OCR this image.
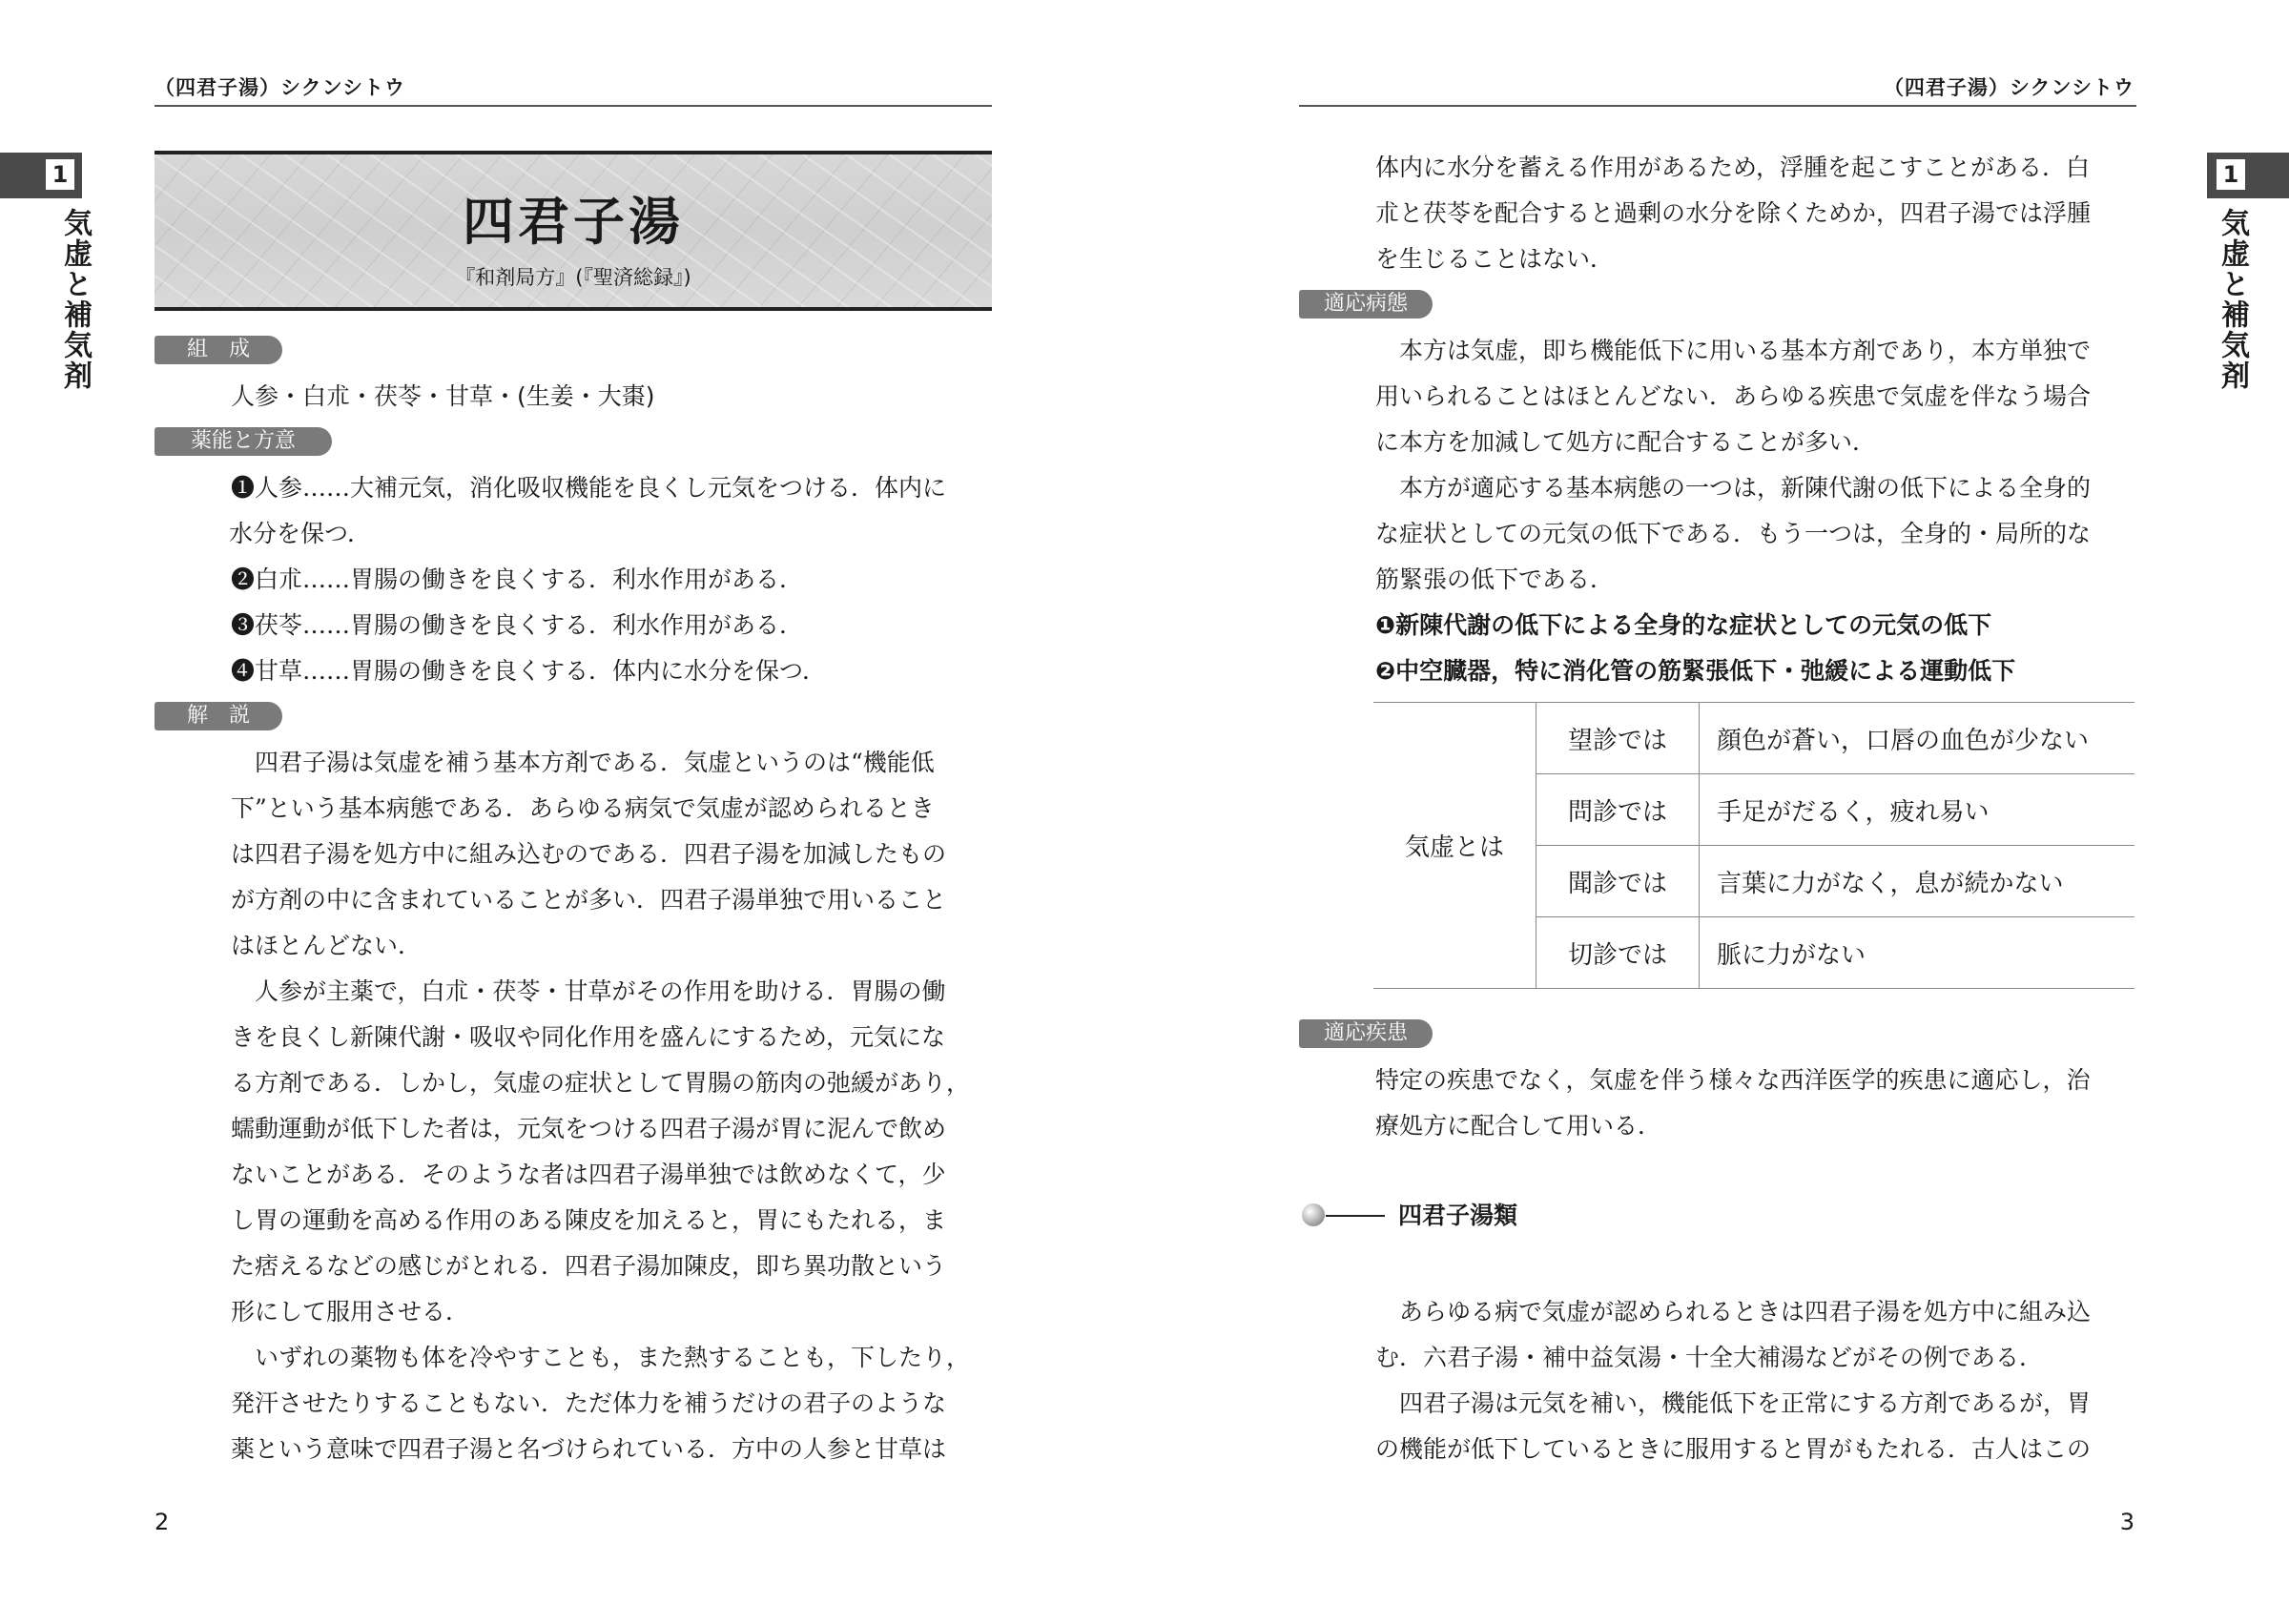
（四君子湯）シクンシトウ
1
気虚と補気剤	四君子湯
『和剤局方』(『聖済総録』)
組　成
人参・白朮・茯苓・甘草・(生姜・大棗)
薬能と方意
❶人参……大補元気，消化吸収機能を良くし元気をつける．体内に
水分を保つ．
❷白朮……胃腸の働きを良くする．利水作用がある．
❸茯苓……胃腸の働きを良くする．利水作用がある．
❹甘草……胃腸の働きを良くする．体内に水分を保つ．
解　説
　四君子湯は気虚を補う基本方剤である．気虚というのは“機能低
下”という基本病態である．あらゆる病気で気虚が認められるとき
は四君子湯を処方中に組み込むのである．四君子湯を加減したもの
が方剤の中に含まれていることが多い．四君子湯単独で用いること
はほとんどない．
　人参が主薬で，白朮・茯苓・甘草がその作用を助ける．胃腸の働
きを良くし新陳代謝・吸収や同化作用を盛んにするため，元気にな
る方剤である．しかし，気虚の症状として胃腸の筋肉の弛緩があり，
蠕動運動が低下した者は，元気をつける四君子湯が胃に泥んで飲め
ないことがある．そのような者は四君子湯単独では飲めなくて，少
し胃の運動を高める作用のある陳皮を加えると，胃にもたれる，ま
た痞えるなどの感じがとれる．四君子湯加陳皮，即ち異功散という
形にして服用させる．
　いずれの薬物も体を冷やすことも，また熱することも，下したり，
発汗させたりすることもない．ただ体力を補うだけの君子のような
薬という意味で四君子湯と名づけられている．方中の人参と甘草は
2
（四君子湯）シクンシトウ
1
気虚と補気剤
体内に水分を蓄える作用があるため，浮腫を起こすことがある．白
朮と茯苓を配合すると過剰の水分を除くためか，四君子湯では浮腫
を生じることはない．
適応病態
　本方は気虚，即ち機能低下に用いる基本方剤であり，本方単独で
用いられることはほとんどない．あらゆる疾患で気虚を伴なう場合
に本方を加減して処方に配合することが多い．
　本方が適応する基本病態の一つは，新陳代謝の低下による全身的
な症状としての元気の低下である．もう一つは，全身的・局所的な
筋緊張の低下である．
❶新陳代謝の低下による全身的な症状としての元気の低下
❷中空臓器，特に消化管の筋緊張低下・弛緩による運動低下
気虚とは	望診では	顔色が蒼い，口唇の血色が少ない
	問診では	手足がだるく，疲れ易い
	聞診では	言葉に力がなく，息が続かない
	切診では	脈に力がない
適応疾患
特定の疾患でなく，気虚を伴う様々な西洋医学的疾患に適応し，治
療処方に配合して用いる．
四君子湯類
　あらゆる病で気虚が認められるときは四君子湯を処方中に組み込
む．六君子湯・補中益気湯・十全大補湯などがその例である．
　四君子湯は元気を補い，機能低下を正常にする方剤であるが，胃
の機能が低下しているときに服用すると胃がもたれる．古人はこの
3
